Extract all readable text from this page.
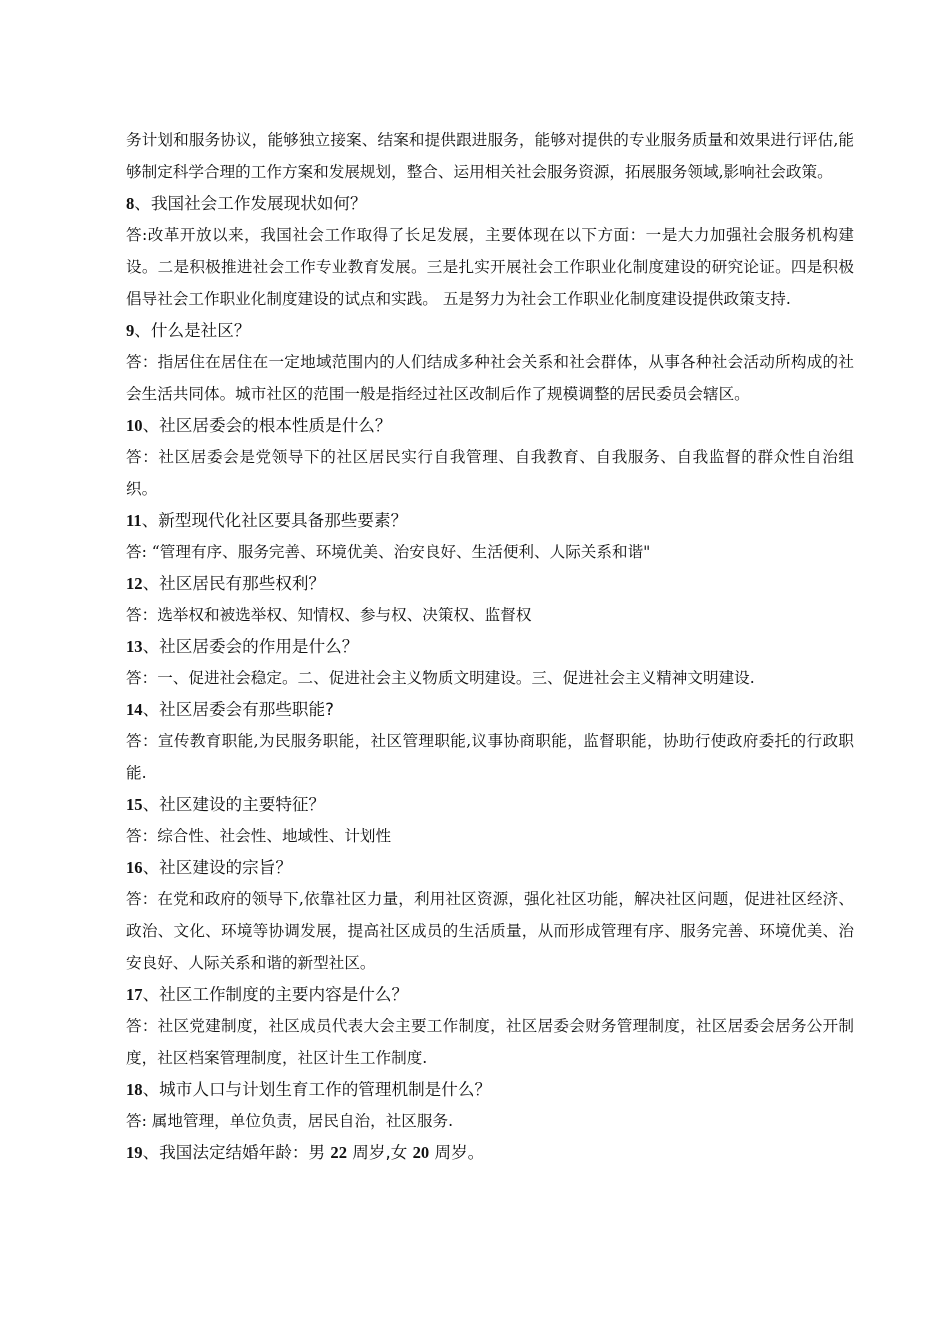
务计划和服务协议，能够独立接案、结案和提供跟进服务，能够对提供的专业服务质量和效果进行评估,能够制定科学合理的工作方案和发展规划，整合、运用相关社会服务资源，拓展服务领域,影响社会政策。

8、我国社会工作发展现状如何？

答:改革开放以来，我国社会工作取得了长足发展，主要体现在以下方面：一是大力加强社会服务机构建设。二是积极推进社会工作专业教育发展。三是扎实开展社会工作职业化制度建设的研究论证。四是积极倡导社会工作职业化制度建设的试点和实践。 五是努力为社会工作职业化制度建设提供政策支持.

9、什么是社区？

答：指居住在居住在一定地域范围内的人们结成多种社会关系和社会群体，从事各种社会活动所构成的社会生活共同体。城市社区的范围一般是指经过社区改制后作了规模调整的居民委员会辖区。

10、社区居委会的根本性质是什么？

答：社区居委会是党领导下的社区居民实行自我管理、自我教育、自我服务、自我监督的群众性自治组织。

11、新型现代化社区要具备那些要素？

答: “管理有序、服务完善、环境优美、治安良好、生活便利、人际关系和谐"

12、社区居民有那些权利？

答：选举权和被选举权、知情权、参与权、决策权、监督权

13、社区居委会的作用是什么？

答：一、促进社会稳定。二、促进社会主义物质文明建设。三、促进社会主义精神文明建设.

14、社区居委会有那些职能?

答：宣传教育职能,为民服务职能，社区管理职能,议事协商职能，监督职能，协助行使政府委托的行政职能.

15、社区建设的主要特征？

答：综合性、社会性、地域性、计划性

16、社区建设的宗旨？

答：在党和政府的领导下,依靠社区力量，利用社区资源，强化社区功能，解决社区问题，促进社区经济、政治、文化、环境等协调发展，提高社区成员的生活质量，从而形成管理有序、服务完善、环境优美、治安良好、人际关系和谐的新型社区。

17、社区工作制度的主要内容是什么？

答：社区党建制度，社区成员代表大会主要工作制度，社区居委会财务管理制度，社区居委会居务公开制度，社区档案管理制度，社区计生工作制度.

18、城市人口与计划生育工作的管理机制是什么？

答: 属地管理，单位负责，居民自治，社区服务.

19、我国法定结婚年龄：男 22 周岁,女 20 周岁。
